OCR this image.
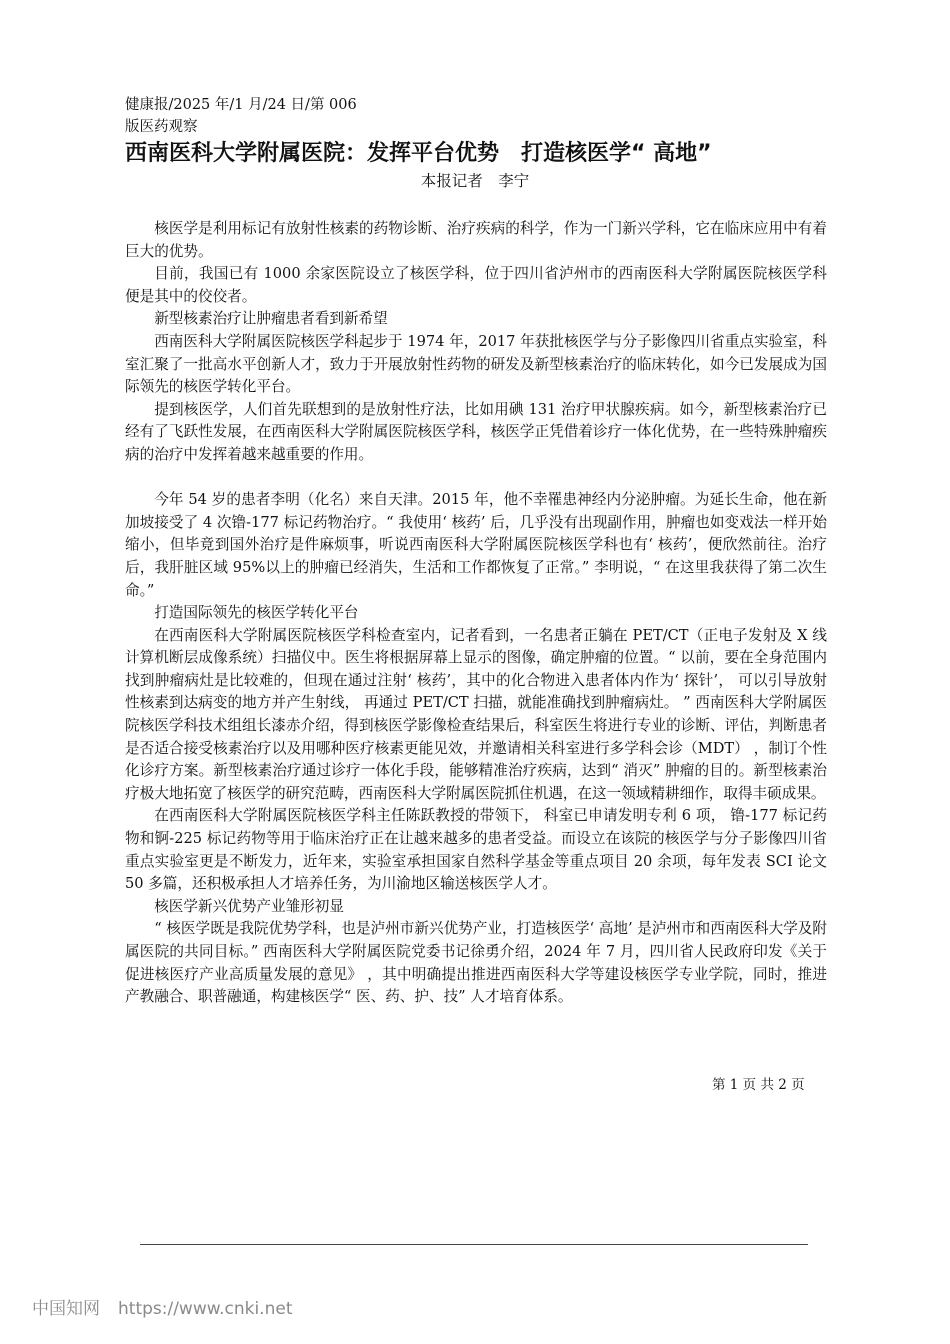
健康报/2025 年/1 月/24 日/第 006
版医药观察
西南医科大学附属医院：发挥平台优势　打造核医学“ 高地”
本报记者　李宁

核医学是利用标记有放射性核素的药物诊断、治疗疾病的科学，作为一门新兴学科，它在临床应用中有着巨大的优势。

目前，我国已有 1000 余家医院设立了核医学科，位于四川省泸州市的西南医科大学附属医院核医学科便是其中的佼佼者。

新型核素治疗让肿瘤患者看到新希望

西南医科大学附属医院核医学科起步于 1974 年，2017 年获批核医学与分子影像四川省重点实验室，科室汇聚了一批高水平创新人才，致力于开展放射性药物的研发及新型核素治疗的临床转化，如今已发展成为国际领先的核医学转化平台。

提到核医学，人们首先联想到的是放射性疗法，比如用碘 131 治疗甲状腺疾病。如今，新型核素治疗已经有了飞跃性发展，在西南医科大学附属医院核医学科，核医学正凭借着诊疗一体化优势，在一些特殊肿瘤疾病的治疗中发挥着越来越重要的作用。

今年 54 岁的患者李明（化名）来自天津。2015 年，他不幸罹患神经内分泌肿瘤。为延长生命，他在新加坡接受了 4 次镥-177 标记药物治疗。“ 我使用‘ 核药’ 后，几乎没有出现副作用，肿瘤也如变戏法一样开始缩小，但毕竟到国外治疗是件麻烦事，听说西南医科大学附属医院核医学科也有‘ 核药’，便欣然前往。治疗后，我肝脏区域 95%以上的肿瘤已经消失，生活和工作都恢复了正常。” 李明说，“ 在这里我获得了第二次生命。”

打造国际领先的核医学转化平台

在西南医科大学附属医院核医学科检查室内，记者看到，一名患者正躺在 PET/CT（正电子发射及 X 线计算机断层成像系统）扫描仪中。医生将根据屏幕上显示的图像，确定肿瘤的位置。“ 以前，要在全身范围内找到肿瘤病灶是比较难的，但现在通过注射‘ 核药’，其中的化合物进入患者体内作为‘ 探针’， 可以引导放射性核素到达病变的地方并产生射线， 再通过 PET/CT 扫描，就能准确找到肿瘤病灶。 ” 西南医科大学附属医院核医学科技术组组长漆赤介绍，得到核医学影像检查结果后，科室医生将进行专业的诊断、评估，判断患者是否适合接受核素治疗以及用哪种医疗核素更能见效，并邀请相关科室进行多学科会诊（MDT） ，制订个性化诊疗方案。新型核素治疗通过诊疗一体化手段，能够精准治疗疾病，达到“ 消灭” 肿瘤的目的。新型核素治疗极大地拓宽了核医学的研究范畴，西南医科大学附属医院抓住机遇，在这一领域精耕细作，取得丰硕成果。

在西南医科大学附属医院核医学科主任陈跃教授的带领下， 科室已申请发明专利 6 项， 镥-177 标记药物和锕-225 标记药物等用于临床治疗正在让越来越多的患者受益。而设立在该院的核医学与分子影像四川省重点实验室更是不断发力，近年来，实验室承担国家自然科学基金等重点项目 20 余项，每年发表 SCI 论文 50 多篇，还积极承担人才培养任务，为川渝地区输送核医学人才。

核医学新兴优势产业雏形初显

“ 核医学既是我院优势学科，也是泸州市新兴优势产业，打造核医学‘ 高地’ 是泸州市和西南医科大学及附属医院的共同目标。” 西南医科大学附属医院党委书记徐勇介绍，2024 年 7 月，四川省人民政府印发《关于促进核医疗产业高质量发展的意见》 ，其中明确提出推进西南医科大学等建设核医学专业学院，同时，推进产教融合、职普融通，构建核医学“ 医、药、护、技” 人才培育体系。

第 1 页 共 2 页
中国知网 https://www.cnki.net
